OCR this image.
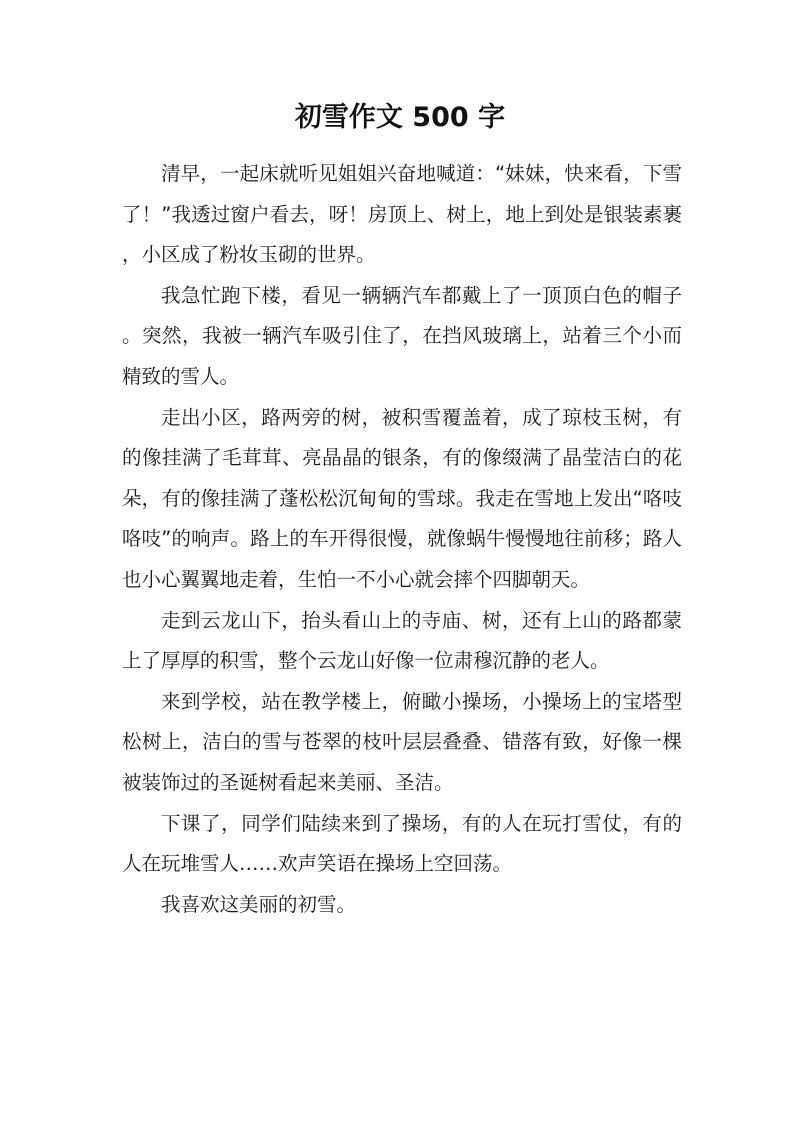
初雪作文 500 字

清早，一起床就听见姐姐兴奋地喊道：“妹妹，快来看，下雪了！”我透过窗户看去，呀！房顶上、树上，地上到处是银装素裹，小区成了粉妆玉砌的世界。

我急忙跑下楼，看见一辆辆汽车都戴上了一顶顶白色的帽子。突然，我被一辆汽车吸引住了，在挡风玻璃上，站着三个小而精致的雪人。

走出小区，路两旁的树，被积雪覆盖着，成了琼枝玉树，有的像挂满了毛茸茸、亮晶晶的银条，有的像缀满了晶莹洁白的花朵，有的像挂满了蓬松松沉甸甸的雪球。我走在雪地上发出“咯吱咯吱”的响声。路上的车开得很慢，就像蜗牛慢慢地往前移；路人也小心翼翼地走着，生怕一不小心就会摔个四脚朝天。

走到云龙山下，抬头看山上的寺庙、树，还有上山的路都蒙上了厚厚的积雪，整个云龙山好像一位肃穆沉静的老人。

来到学校，站在教学楼上，俯瞰小操场，小操场上的宝塔型松树上，洁白的雪与苍翠的枝叶层层叠叠、错落有致，好像一棵被装饰过的圣诞树看起来美丽、圣洁。

下课了，同学们陆续来到了操场，有的人在玩打雪仗，有的人在玩堆雪人……欢声笑语在操场上空回荡。

我喜欢这美丽的初雪。
